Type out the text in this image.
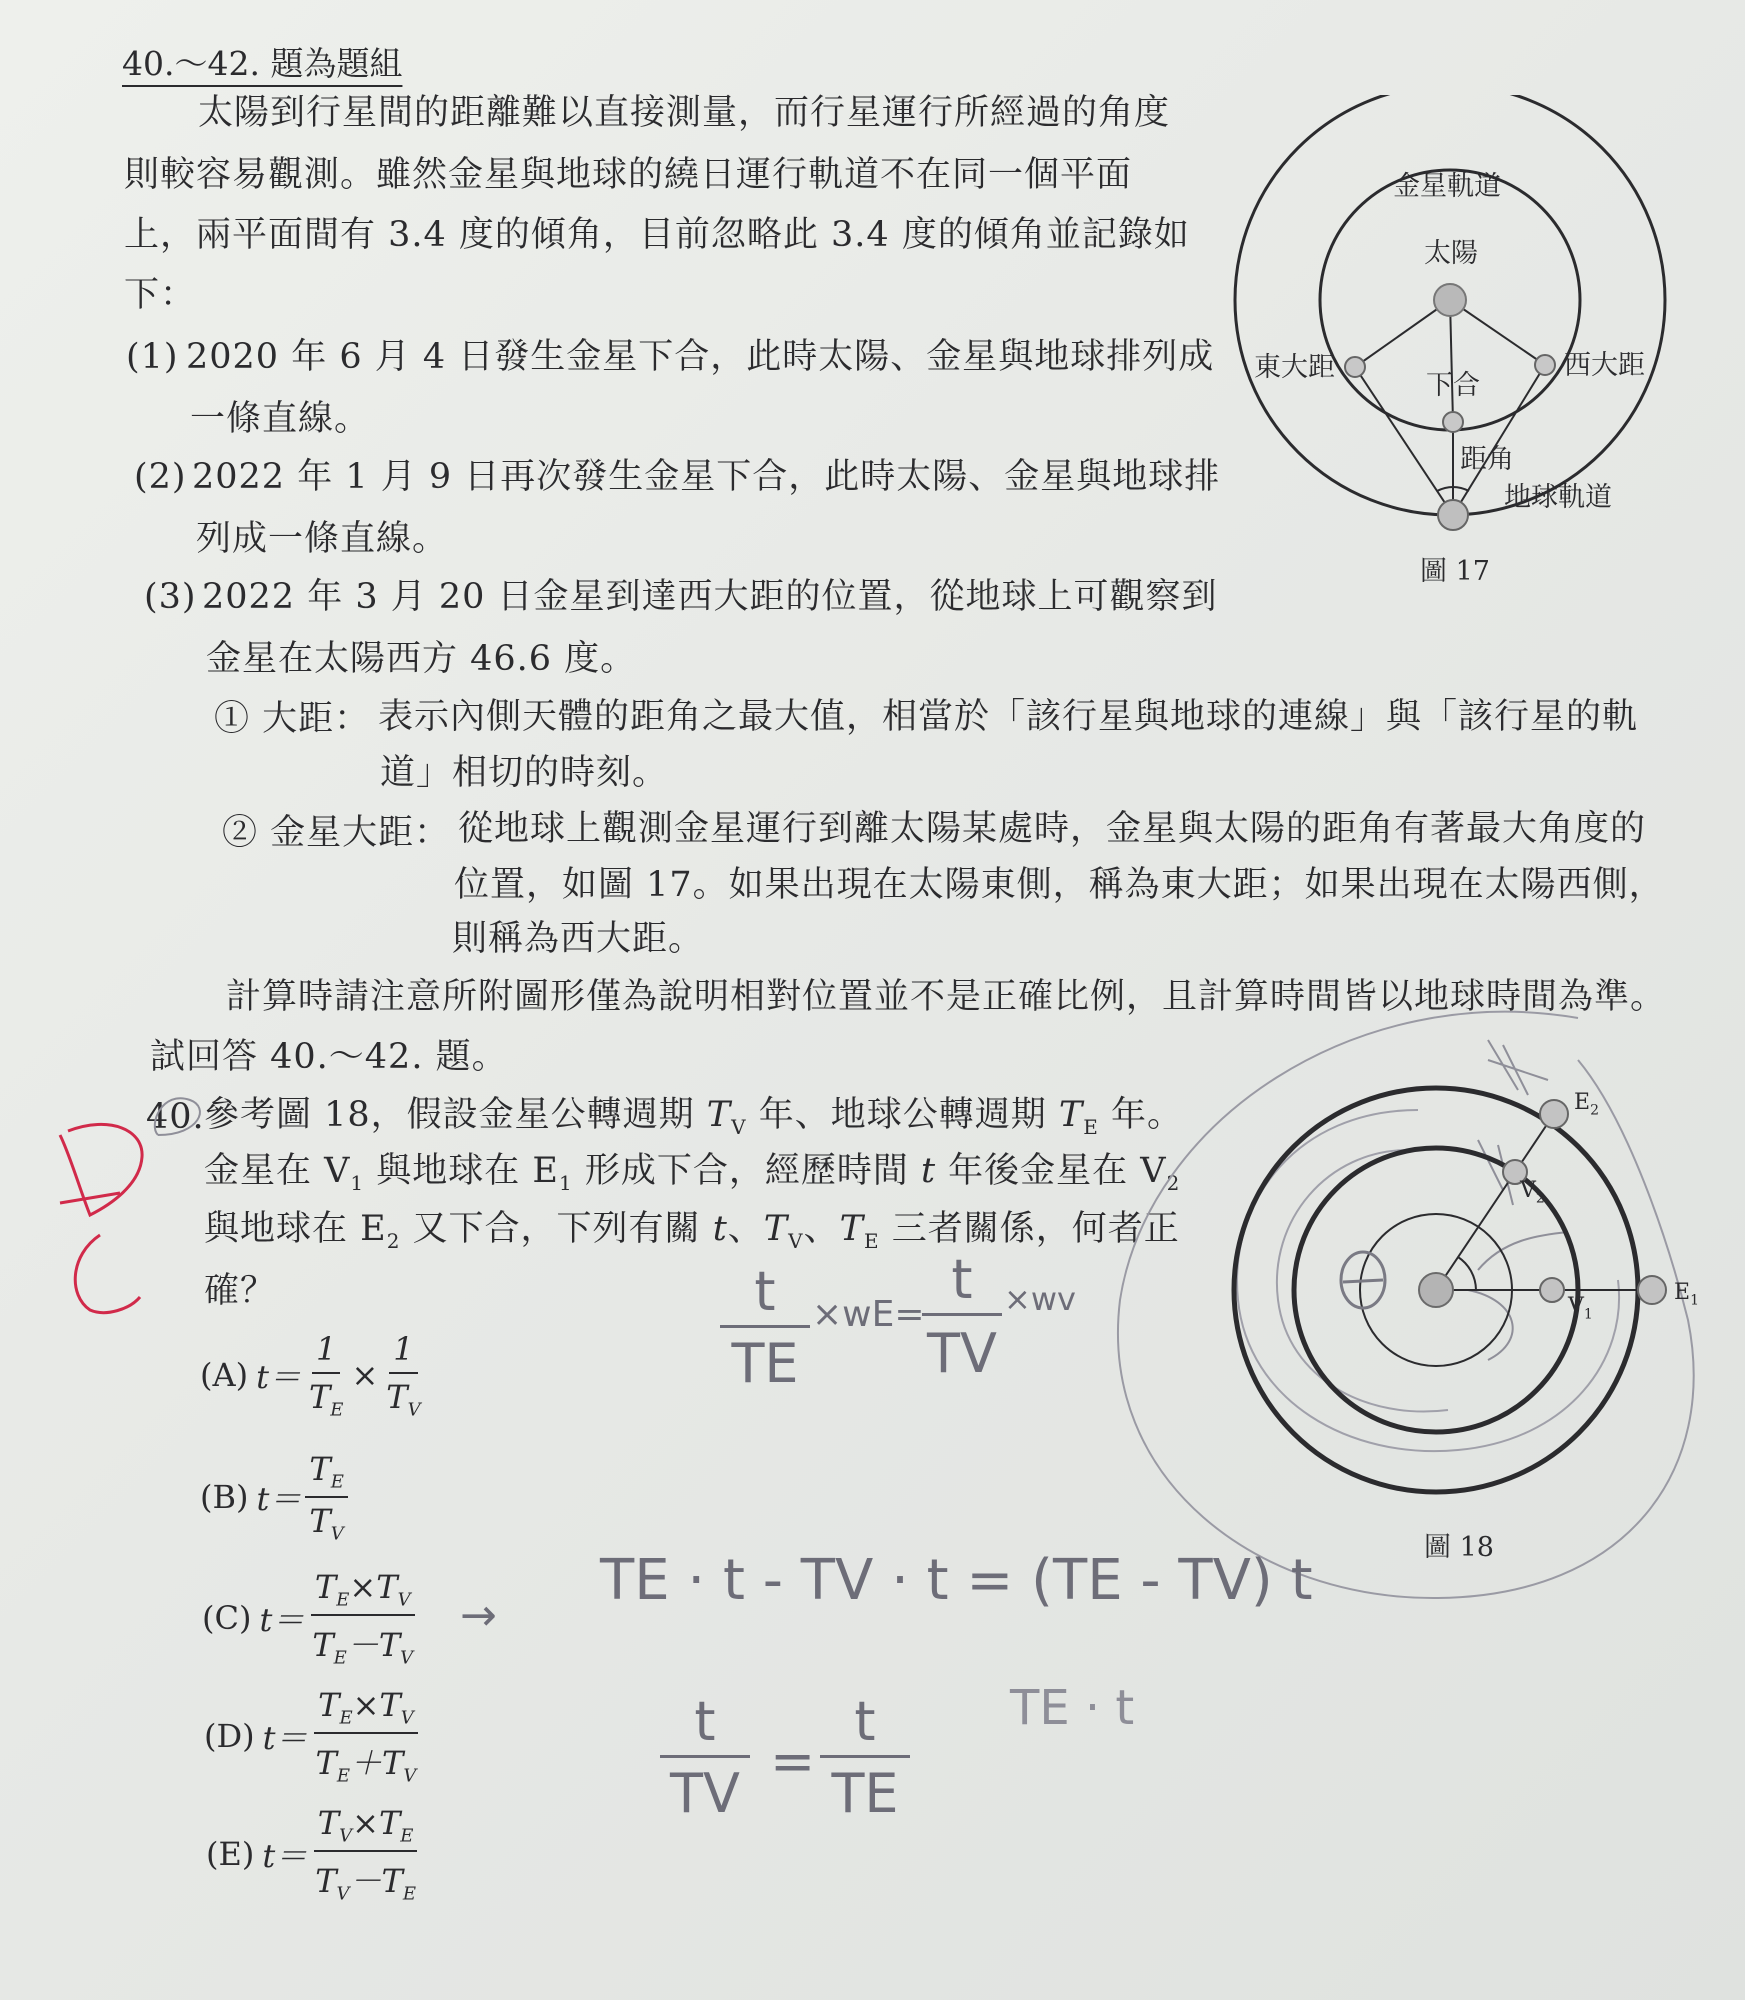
40.～42. 題為題組
太陽到行星間的距離難以直接測量，而行星運行所經過的角度
則較容易觀測。雖然金星與地球的繞日運行軌道不在同一個平面
上，兩平面間有 3.4 度的傾角，目前忽略此 3.4 度的傾角並記錄如
下：
(1) 2020 年 6 月 4 日發生金星下合，此時太陽、金星與地球排列成
一條直線。
(2) 2022 年 1 月 9 日再次發生金星下合，此時太陽、金星與地球排
列成一條直線。
(3) 2022 年 3 月 20 日金星到達西大距的位置，從地球上可觀察到
金星在太陽西方 46.6 度。
① 大距： 表示內側天體的距角之最大值，相當於「該行星與地球的連線」與「該行星的軌
道」相切的時刻。
② 金星大距： 從地球上觀測金星運行到離太陽某處時，金星與太陽的距角有著最大角度的
位置，如圖 17。如果出現在太陽東側，稱為東大距；如果出現在太陽西側，
則稱為西大距。
計算時請注意所附圖形僅為說明相對位置並不是正確比例，且計算時間皆以地球時間為準。
試回答 40.～42. 題。
40. 參考圖 18，假設金星公轉週期 $T_V$ 年、地球公轉週期 $T_E$ 年。
金星在 $V_1$ 與地球在 $E_1$ 形成下合，經歷時間 t 年後金星在 $V_2$
與地球在 $E_2$ 又下合，下列有關 t、$T_V$、$T_E$ 三者關係，何者正
確？
(A) $t= \frac{1}{T_E} \times \frac{1}{T_V}$
(B) $t= \frac{T_E}{T_V}$
(C) $t= \frac{T_E\times T_V}{T_E-T_V}$
(D) $t= \frac{T_E\times T_V}{T_E+T_V}$
(E) $t= \frac{T_V\times T_E}{T_V-T_E}$
金星軌道
太陽
東大距	西大距
下合
距角
地球軌道
圖 17
$E_2$
$V_2$
$V_1$
$E_1$
圖 18
t
TE
×wE=
t
TV
×wv
→
TE · t - TV · t = (TE - TV) t
t
TV
=
t
TE
TE · t
